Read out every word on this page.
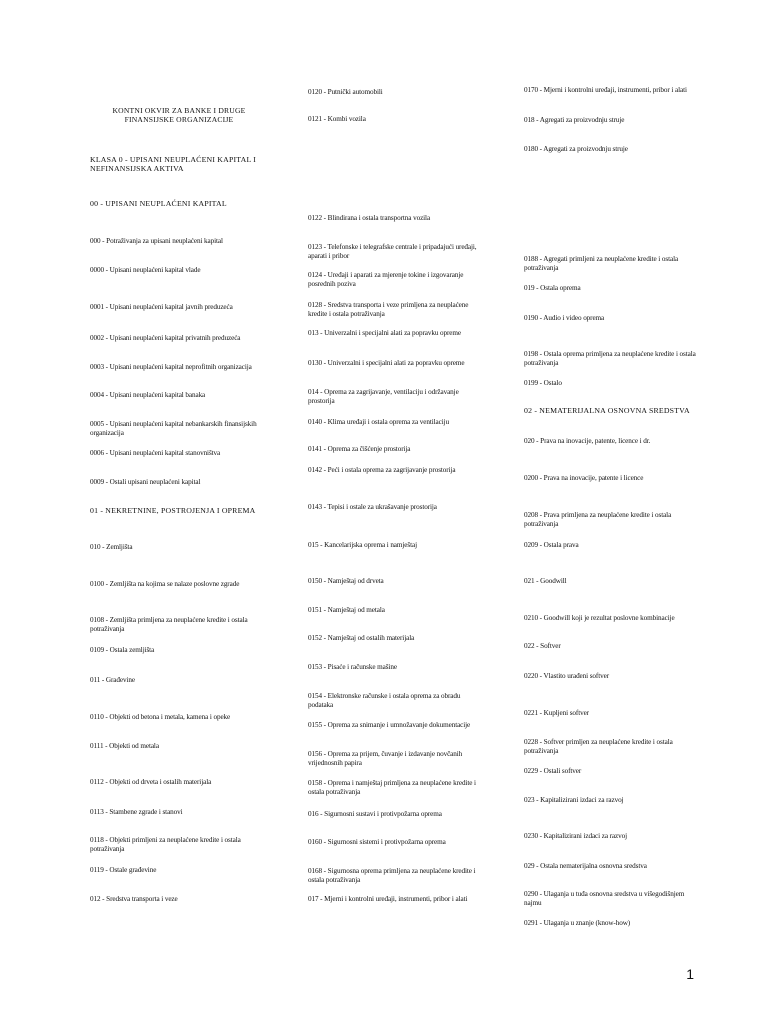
KONTNI OKVIR ZA BANKE I DRUGE
FINANSIJSKE ORGANIZACIJE
KLASA 0 - UPISANI NEUPLAĆENI KAPITAL I NEFINANSIJSKA AKTIVA
00 - UPISANI NEUPLAĆENI KAPITAL
000 - Potraživanja za upisani neuplaćeni kapital
0000 - Upisani neuplaćeni kapital vlade
0001 - Upisani neuplaćeni kapital javnih preduzeća
0002 - Upisani neuplaćeni kapital privatnih preduzeća
0003 - Upisani neuplaćeni kapital neprofitnih organizacija
0004 - Upisani neuplaćeni kapital banaka
0005 - Upisani neuplaćeni kapital nebankarskih finansijskih organizacija
0006 - Upisani neuplaćeni kapital stanovništva
0009 - Ostali upisani neuplaćeni kapital
01 - NEKRETNINE, POSTROJENJA I OPREMA
010 - Zemljišta
0100 - Zemljišta na kojima se nalaze poslovne zgrade
0108 - Zemljišta primljena za neuplaćene kredite i ostala potraživanja
0109 - Ostala zemljišta
011 - Građevine
0110 - Objekti od betona i metala, kamena i opeke
0111 - Objekti od metala
0112 - Objekti od drveta i ostalih materijala
0113 - Stambene zgrade i stanovi
0118 - Objekti primljeni za neuplaćene kredite i ostala potraživanja
0119 - Ostale građevine
012 - Sredstva transporta i veze
0120 - Putnički automobili
0121 - Kombi vozila
0122 - Blindirana i ostala transportna vozila
0123 - Telefonske i telegrafske centrale i pripadajući uređaji, aparati i pribor
0124 - Uređaji i aparati za mjerenje tokine i izgovaranje posrednih poziva
0128 - Sredstva transporta i veze primljena za neuplaćene kredite i ostala potraživanja
013 - Univerzalni i specijalni alati za popravku opreme
0130 - Univerzalni i specijalni alati za popravku opreme
014 - Oprema za zagrijavanje, ventilaciju i održavanje prostorija
0140 - Klima uređaji i ostala oprema za ventilaciju
0141 - Oprema za čišćenje prostorija
0142 - Peći i ostala oprema za zagrijavanje prostorija
0143 - Tepisi i ostale za ukrašavanje prostorija
015 - Kancelarijska oprema i namještaj
0150 - Namještaj od drveta
0151 - Namještaj od metala
0152 - Namještaj od ostalih materijala
0153 - Pisaće i računske mašine
0154 - Elektronske računske i ostala oprema za obradu podataka
0155 - Oprema za snimanje i umnožavanje dokumentacije
0156 - Oprema za prijem, čuvanje i izdavanje novčanih vrijednosnih papira
0158 - Oprema i namještaj primljena za neuplaćene kredite i ostala potraživanja
016 - Sigurnosni sustavi i protivpožarna oprema
0160 - Sigurnosni sistemi i protivpožarna oprema
0168 - Sigurnosna oprema primljena za neuplaćene kredite i ostala potraživanja
017 - Mjerni i kontrolni uređaji, instrumenti, pribor i alati
0170 - Mjerni i kontrolni uređaji, instrumenti, pribor i alati
018 - Agregati za proizvodnju struje
0180 - Agregati za proizvodnju struje
0188 - Agregati primljeni za neuplaćene kredite i ostala potraživanja
019 - Ostala oprema
0190 - Audio i video oprema
0198 - Ostala oprema primljena za neuplaćene kredite i ostala potraživanja
0199 - Ostalo
02 - NEMATERIJALNA OSNOVNA SREDSTVA
020 - Prava na inovacije, patente, licence i dr.
0200 - Prava na inovacije, patente i licence
0208 - Prava primljena za neuplaćene kredite i ostala potraživanja
0209 - Ostala prava
021 - Goodwill
0210 - Goodwill koji je rezultat poslovne kombinacije
022 - Softver
0220 - Vlastito urađeni softver
0221 - Kupljeni softver
0228 - Softver primljen za neuplaćene kredite i ostala potraživanja
0229 - Ostali softver
023 - Kapitalizirani izdaci za razvoj
0230 - Kapitalizirani izdaci za razvoj
029 - Ostala nematerijalna osnovna sredstva
0290 - Ulaganja u tuđa osnovna sredstva u višegodišnjem najmu
0291 - Ulaganja u znanje (know-how)
1
